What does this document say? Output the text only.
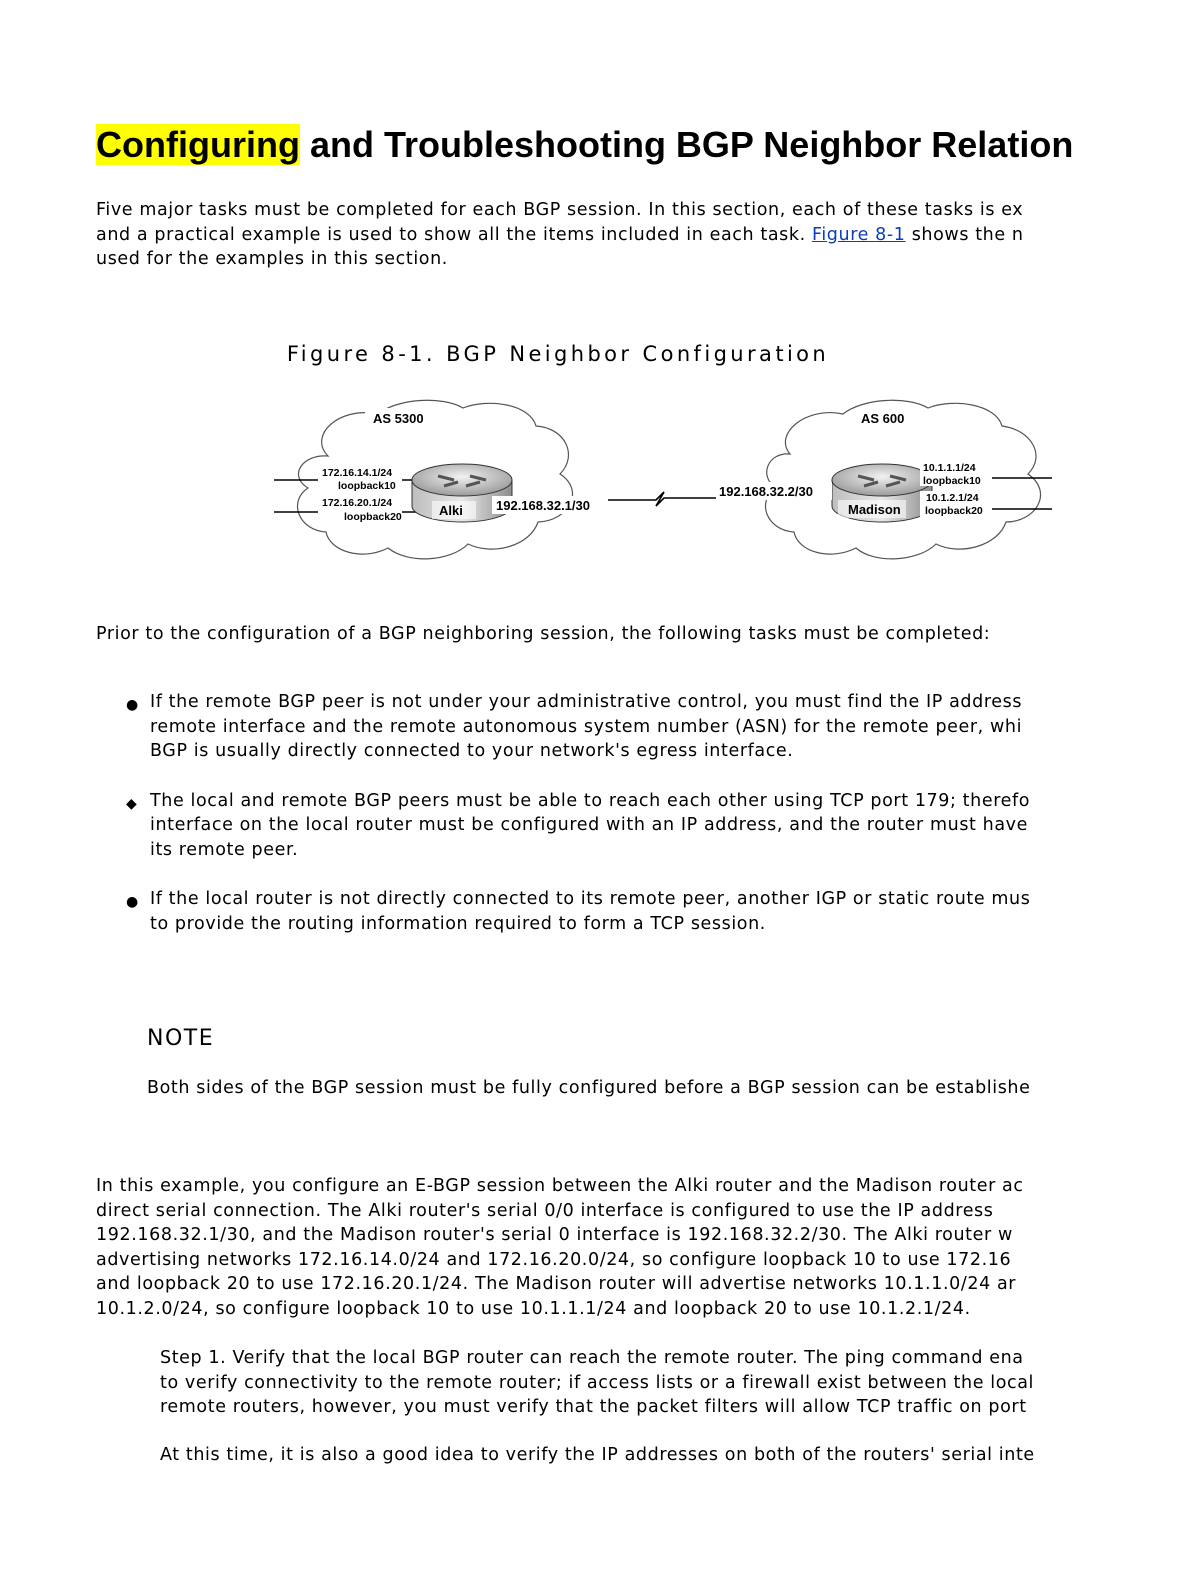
Configuring and Troubleshooting BGP Neighbor Relation
Five major tasks must be completed for each BGP session. In this section, each of these tasks is ex
and a practical example is used to show all the items included in each task. Figure 8-1 shows the n
used for the examples in this section.
Figure 8-1. BGP Neighbor Configuration
AS 5300	AS 600
Alki	Madison
172.16.14.1/24
loopback10
172.16.20.1/24
loopback20
192.168.32.1/30
192.168.32.2/30
10.1.1.1/24
loopback10
10.1.2.1/24
loopback20
Prior to the configuration of a BGP neighboring session, the following tasks must be completed:
● If the remote BGP peer is not under your administrative control, you must find the IP address
remote interface and the remote autonomous system number (ASN) for the remote peer, whi
BGP is usually directly connected to your network's egress interface.
◆ The local and remote BGP peers must be able to reach each other using TCP port 179; therefo
interface on the local router must be configured with an IP address, and the router must have
its remote peer.
● If the local router is not directly connected to its remote peer, another IGP or static route mus
to provide the routing information required to form a TCP session.
NOTE
Both sides of the BGP session must be fully configured before a BGP session can be establishe
In this example, you configure an E-BGP session between the Alki router and the Madison router ac
direct serial connection. The Alki router's serial 0/0 interface is configured to use the IP address
192.168.32.1/30, and the Madison router's serial 0 interface is 192.168.32.2/30. The Alki router w
advertising networks 172.16.14.0/24 and 172.16.20.0/24, so configure loopback 10 to use 172.16
and loopback 20 to use 172.16.20.1/24. The Madison router will advertise networks 10.1.1.0/24 ar
10.1.2.0/24, so configure loopback 10 to use 10.1.1.1/24 and loopback 20 to use 10.1.2.1/24.
Step 1. Verify that the local BGP router can reach the remote router. The ping command ena
to verify connectivity to the remote router; if access lists or a firewall exist between the local
remote routers, however, you must verify that the packet filters will allow TCP traffic on port
At this time, it is also a good idea to verify the IP addresses on both of the routers' serial inte
